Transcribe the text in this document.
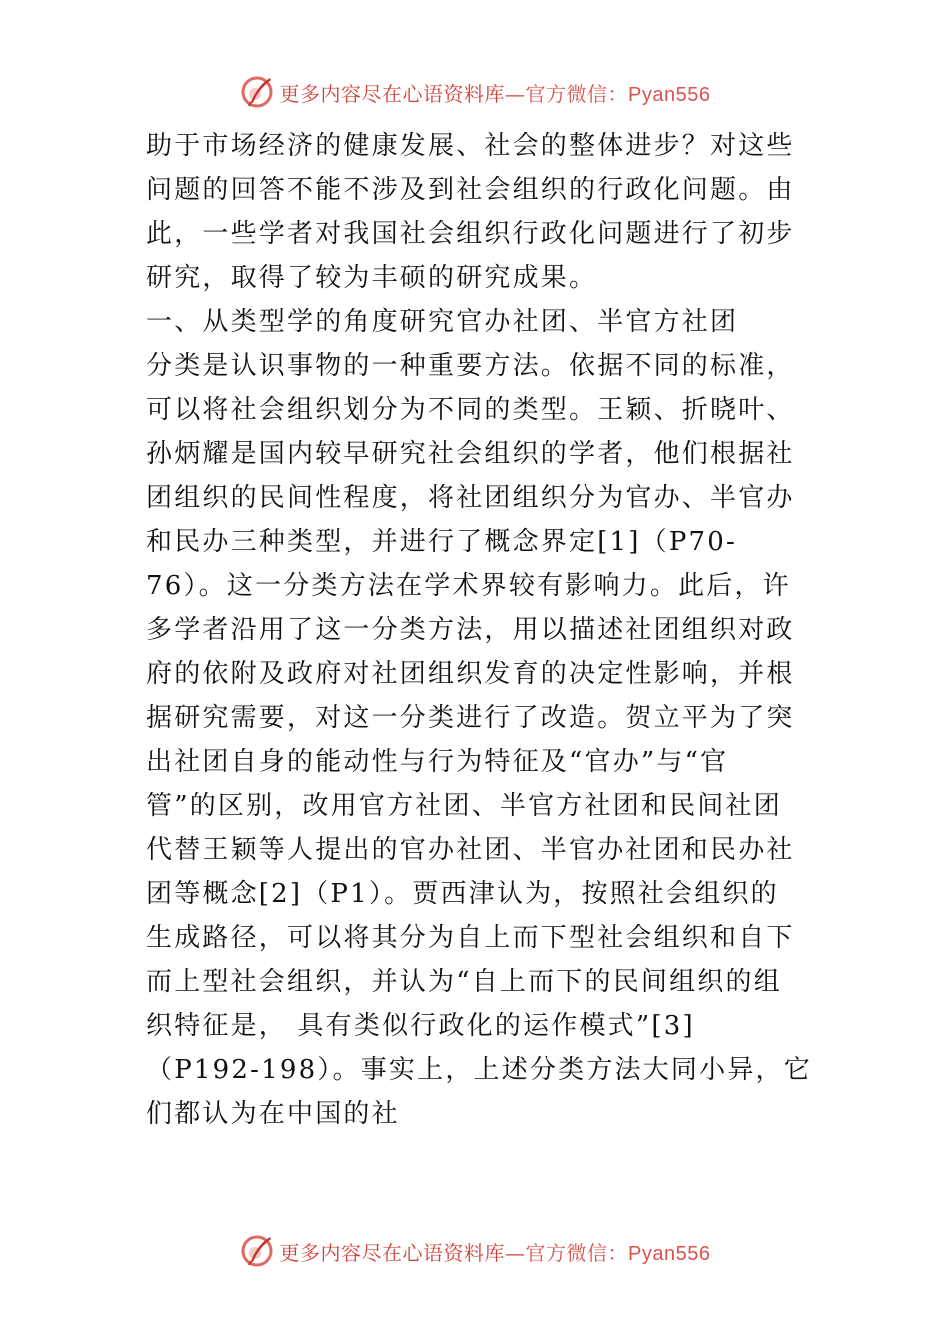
更多内容尽在心语资料库—官方微信：Pyan556
助于市场经济的健康发展、社会的整体进步？对这些
问题的回答不能不涉及到社会组织的行政化问题。由
此，一些学者对我国社会组织行政化问题进行了初步
研究，取得了较为丰硕的研究成果。
一、从类型学的角度研究官办社团、半官方社团
分类是认识事物的一种重要方法。依据不同的标准，
可以将社会组织划分为不同的类型。王颖、折晓叶、
孙炳耀是国内较早研究社会组织的学者，他们根据社
团组织的民间性程度，将社团组织分为官办、半官办
和民办三种类型，并进行了概念界定[1]（P70-
76）。这一分类方法在学术界较有影响力。此后，许
多学者沿用了这一分类方法，用以描述社团组织对政
府的依附及政府对社团组织发育的决定性影响，并根
据研究需要，对这一分类进行了改造。贺立平为了突
出社团自身的能动性与行为特征及“官办”与“官
管”的区别，改用官方社团、半官方社团和民间社团
代替王颖等人提出的官办社团、半官办社团和民办社
团等概念[2]（P1）。贾西津认为，按照社会组织的
生成路径，可以将其分为自上而下型社会组织和自下
而上型社会组织，并认为“自上而下的民间组织的组
织特征是， 具有类似行政化的运作模式”[3]
（P192-198）。事实上，上述分类方法大同小异，它
们都认为在中国的社
更多内容尽在心语资料库—官方微信：Pyan556
